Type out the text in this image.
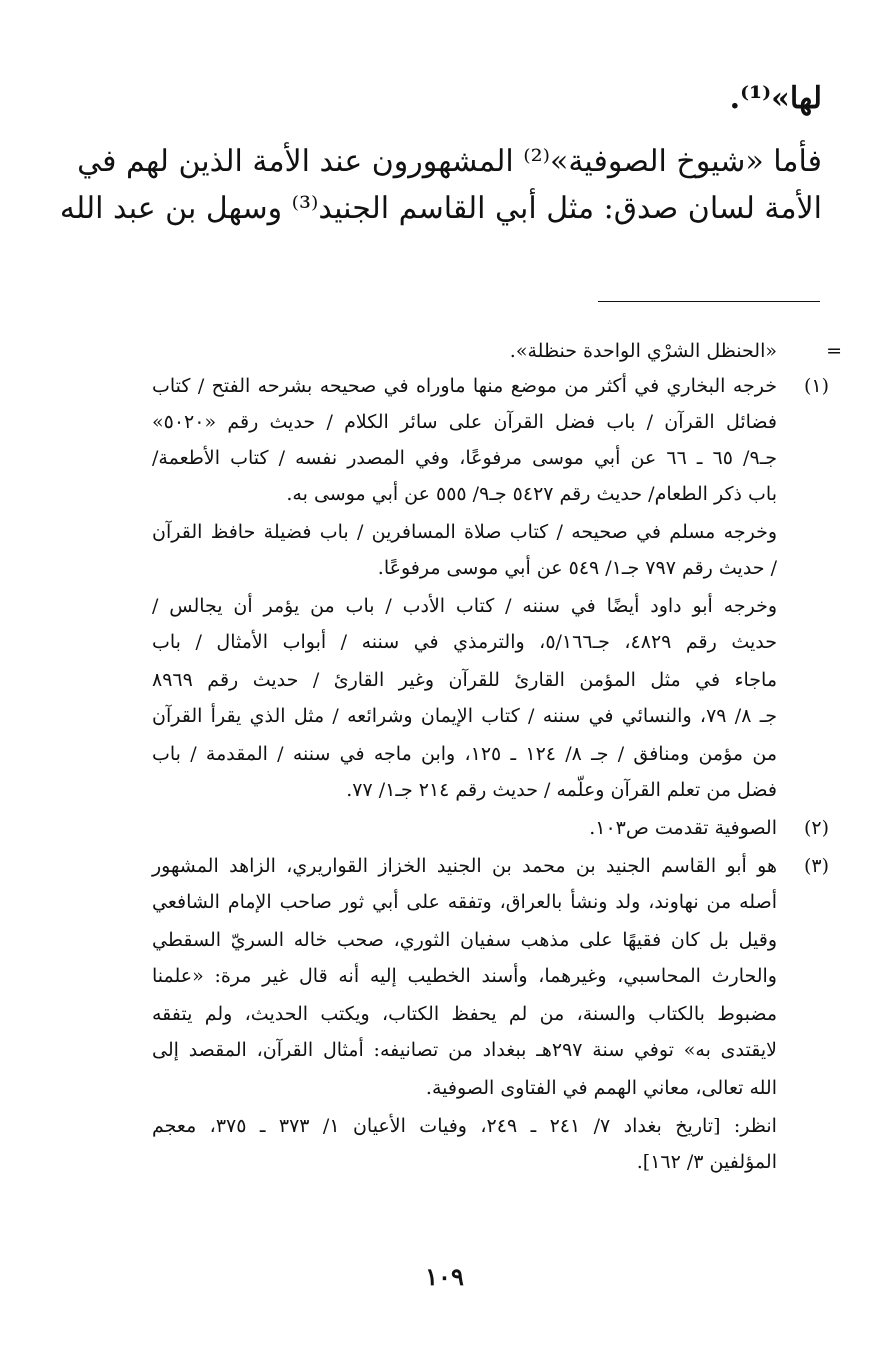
لها»⁽¹⁾.
فأما «شيوخ الصوفية»⁽²⁾ المشهورون عند الأمة الذين لهم في
الأمة لسان صدق: مثل أبي القاسم الجنيد⁽³⁾ وسهل بن عبد الله
=
«الحنظل الشرْي الواحدة حنظلة».
(١)
خرجه البخاري في أكثر من موضع منها ماوراه في صحيحه بشرحه الفتح / كتاب
فضائل القرآن / باب فضل القرآن على سائر الكلام / حديث رقم «٥٠٢٠»
جـ٩/ ٦٥ ـ ٦٦ عن أبي موسى مرفوعًا، وفي المصدر نفسه / كتاب الأطعمة/
باب ذكر الطعام/ حديث رقم ٥٤٢٧ جـ٩/ ٥٥٥ عن أبي موسى به.
وخرجه مسلم في صحيحه / كتاب صلاة المسافرين / باب فضيلة حافظ القرآن
/ حديث رقم ٧٩٧ جـ١/ ٥٤٩ عن أبي موسى مرفوعًا.
وخرجه أبو داود أيضًا في سننه / كتاب الأدب / باب من يؤمر أن يجالس /
حديث رقم ٤٨٢٩، جـ٥/١٦٦، والترمذي في سننه / أبواب الأمثال / باب
ماجاء في مثل المؤمن القارئ للقرآن وغير القارئ / حديث رقم ٨٩٦٩
جـ ٨/ ٧٩، والنسائي في سننه / كتاب الإيمان وشرائعه / مثل الذي يقرأ القرآن
من مؤمن ومنافق / جـ ٨/ ١٢٤ ـ ١٢٥، وابن ماجه في سننه / المقدمة / باب
فضل من تعلم القرآن وعلّمه / حديث رقم ٢١٤ جـ١/ ٧٧.
(٢)
الصوفية تقدمت ص١٠٣.
(٣)
هو أبو القاسم الجنيد بن محمد بن الجنيد الخزاز القواريري، الزاهد المشهور
أصله من نهاوند، ولد ونشأ بالعراق، وتفقه على أبي ثور صاحب الإمام الشافعي
وقيل بل كان فقيهًا على مذهب سفيان الثوري، صحب خاله السريّ السقطي
والحارث المحاسبي، وغيرهما، وأسند الخطيب إليه أنه قال غير مرة: «علمنا
مضبوط بالكتاب والسنة، من لم يحفظ الكتاب، ويكتب الحديث، ولم يتفقه
لايقتدى به» توفي سنة ٢٩٧هـ ببغداد من تصانيفه: أمثال القرآن، المقصد إلى
الله تعالى، معاني الهمم في الفتاوى الصوفية.
انظر: [تاريخ بغداد ٧/ ٢٤١ ـ ٢٤٩، وفيات الأعيان ١/ ٣٧٣ ـ ٣٧٥، معجم
المؤلفين ٣/ ١٦٢].
١٠٩
